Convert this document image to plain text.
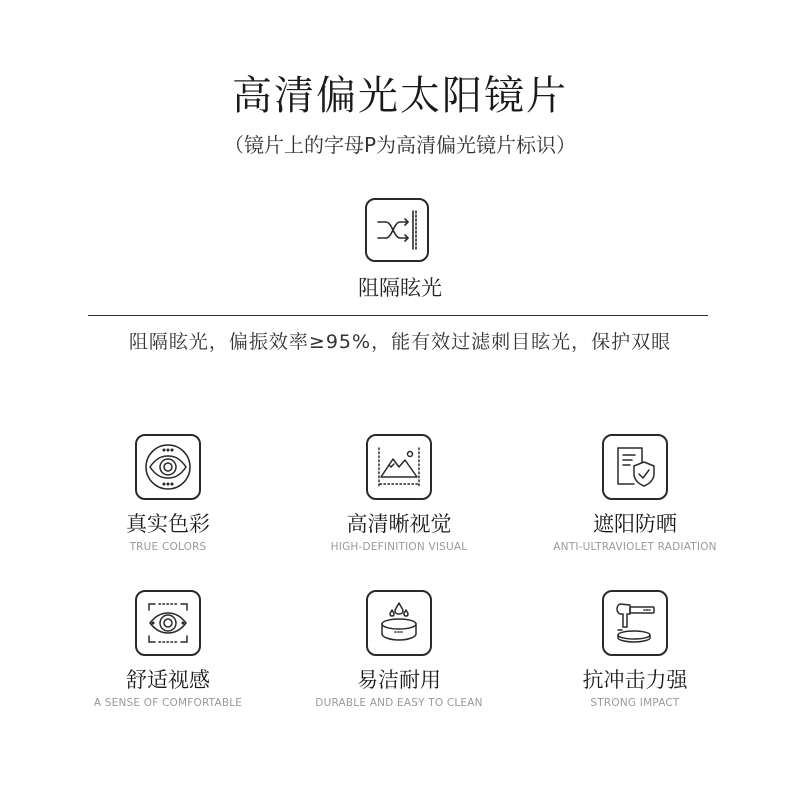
高清偏光太阳镜片
（镜片上的字母P为高清偏光镜片标识）
阻隔眩光
阻隔眩光，偏振效率≥95%，能有效过滤刺目眩光，保护双眼
真实色彩
TRUE COLORS
高清晰视觉
HIGH-DEFINITION VISUAL
遮阳防晒
ANTI-ULTRAVIOLET RADIATION
舒适视感
A SENSE OF COMFORTABLE
易洁耐用
DURABLE AND EASY TO CLEAN
抗冲击力强
STRONG IMPACT
